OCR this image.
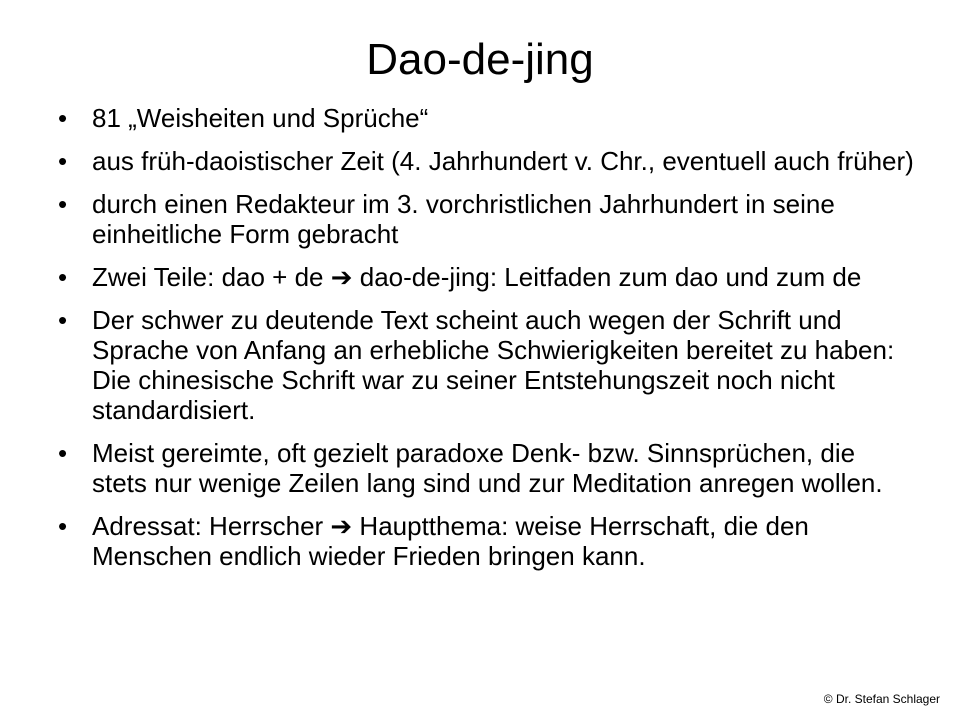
Dao-de-jing
• 81 „Weisheiten und Sprüche“
• aus früh-daoistischer Zeit (4. Jahrhundert v. Chr., eventuell auch früher)
• durch einen Redakteur im 3. vorchristlichen Jahrhundert in seine einheitliche Form gebracht
• Zwei Teile: dao + de ➔ dao-de-jing: Leitfaden zum dao und zum de
• Der schwer zu deutende Text scheint auch wegen der Schrift und Sprache von Anfang an erhebliche Schwierigkeiten bereitet zu haben: Die chinesische Schrift war zu seiner Entstehungszeit noch nicht standardisiert.
• Meist gereimte, oft gezielt paradoxe Denk- bzw. Sinnsprüchen, die stets nur wenige Zeilen lang sind und zur Meditation anregen wollen.
• Adressat: Herrscher ➔ Hauptthema: weise Herrschaft, die den Menschen endlich wieder Frieden bringen kann.
© Dr. Stefan Schlager
